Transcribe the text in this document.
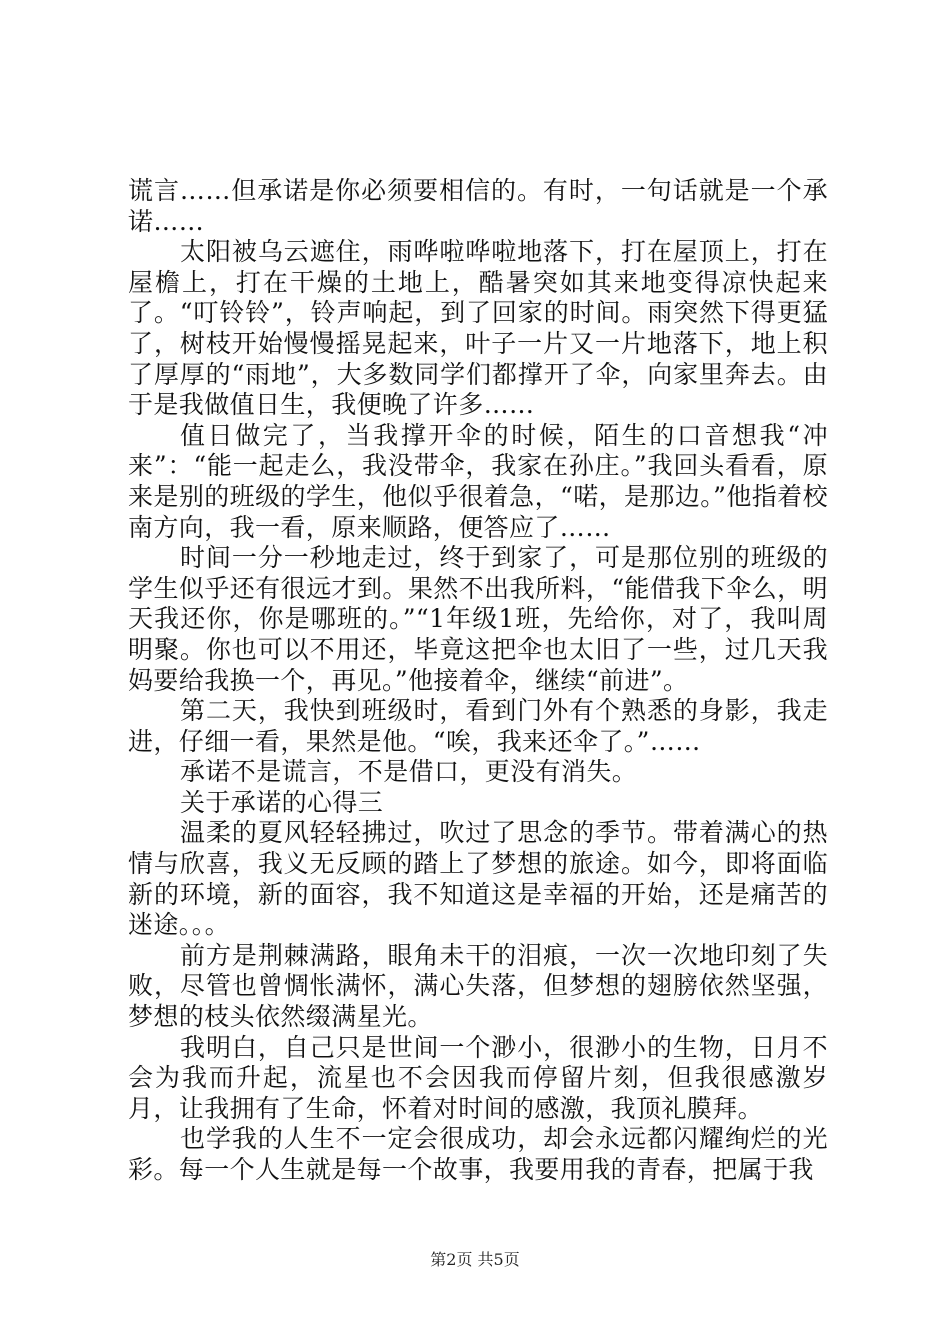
谎言……但承诺是你必须要相信的。有时，一句话就是一个承诺……

太阳被乌云遮住，雨哗啦哗啦地落下，打在屋顶上，打在屋檐上，打在干燥的土地上，酷暑突如其来地变得凉快起来了。“叮铃铃”，铃声响起，到了回家的时间。雨突然下得更猛了，树枝开始慢慢摇晃起来，叶子一片又一片地落下，地上积了厚厚的“雨地”，大多数同学们都撑开了伞，向家里奔去。由于是我做值日生，我便晚了许多……

值日做完了，当我撑开伞的时候，陌生的口音想我“冲来”：“能一起走么，我没带伞，我家在孙庄。”我回头看看，原来是别的班级的学生，他似乎很着急，“喏，是那边。”他指着校南方向，我一看，原来顺路，便答应了……

时间一分一秒地走过，终于到家了，可是那位别的班级的学生似乎还有很远才到。果然不出我所料，“能借我下伞么，明天我还你，你是哪班的。”“1年级1班，先给你，对了，我叫周明聚。你也可以不用还，毕竟这把伞也太旧了一些，过几天我妈要给我换一个，再见。”他接着伞，继续“前进”。

第二天，我快到班级时，看到门外有个熟悉的身影，我走进，仔细一看，果然是他。“唉，我来还伞了。”……

承诺不是谎言，不是借口，更没有消失。

关于承诺的心得三

温柔的夏风轻轻拂过，吹过了思念的季节。带着满心的热情与欣喜，我义无反顾的踏上了梦想的旅途。如今，即将面临新的环境，新的面容，我不知道这是幸福的开始，还是痛苦的迷途。。。

前方是荆棘满路，眼角未干的泪痕，一次一次地印刻了失败，尽管也曾惆怅满怀，满心失落，但梦想的翅膀依然坚强，梦想的枝头依然缀满星光。

我明白，自己只是世间一个渺小，很渺小的生物，日月不会为我而升起，流星也不会因我而停留片刻，但我很感激岁月，让我拥有了生命，怀着对时间的感激，我顶礼膜拜。

也学我的人生不一定会很成功，却会永远都闪耀绚烂的光彩。每一个人生就是每一个故事，我要用我的青春，把属于我

第2页 共5页
